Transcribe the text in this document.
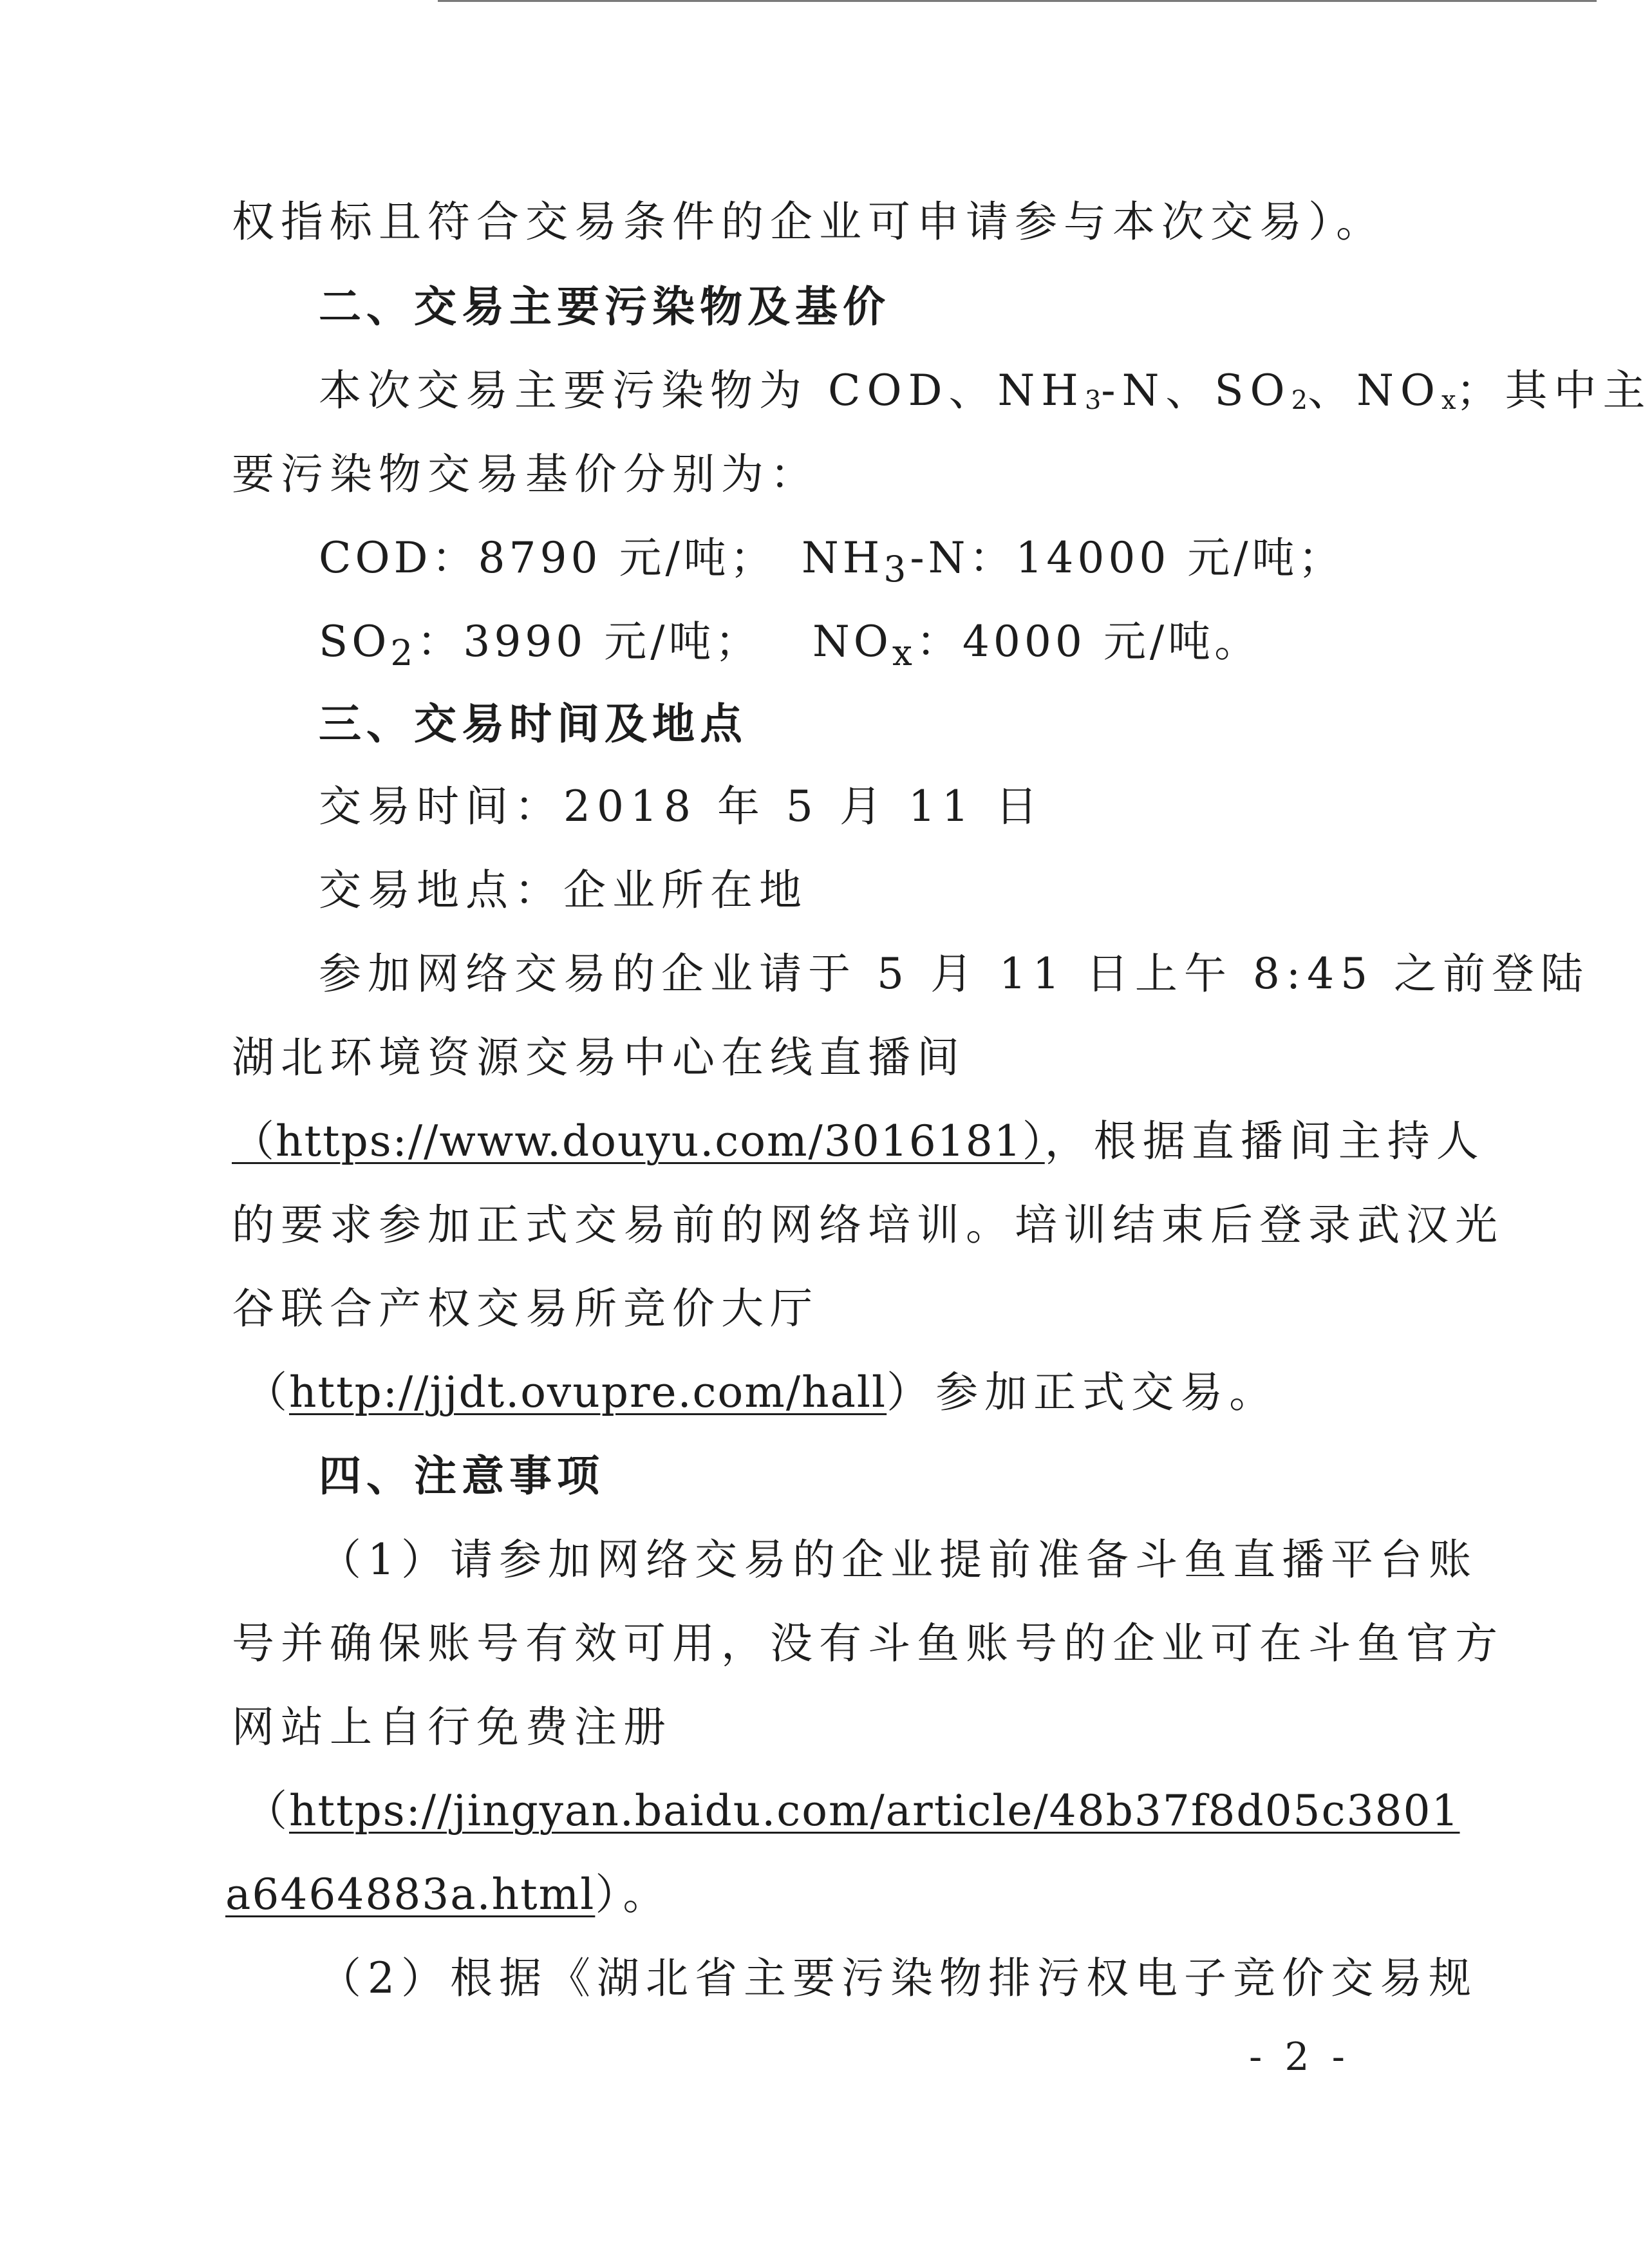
权指标且符合交易条件的企业可申请参与本次交易）。
二、交易主要污染物及基价
本次交易主要污染物为 COD、$NH_3-N$、$SO_2$、$NO_x$；其中主
要污染物交易基价分别为：
COD：8790 元/吨； $NH_3-N$：14000 元/吨；
$SO_2$：3990 元/吨； $NO_x$：4000 元/吨。
三、交易时间及地点
交易时间：2018 年 5 月 11 日
交易地点：企业所在地
参加网络交易的企业请于 5 月 11 日上午 8:45 之前登陆
湖北环境资源交易中心在线直播间
（https://www.douyu.com/3016181），根据直播间主持人
的要求参加正式交易前的网络培训。培训结束后登录武汉光
谷联合产权交易所竞价大厅
（http://jjdt.ovupre.com/hall）参加正式交易。
四、注意事项
（1）请参加网络交易的企业提前准备斗鱼直播平台账
号并确保账号有效可用，没有斗鱼账号的企业可在斗鱼官方
网站上自行免费注册
（https://jingyan.baidu.com/article/48b37f8d05c3801
a6464883a.html）。
（2）根据《湖北省主要污染物排污权电子竞价交易规
- 2 -
